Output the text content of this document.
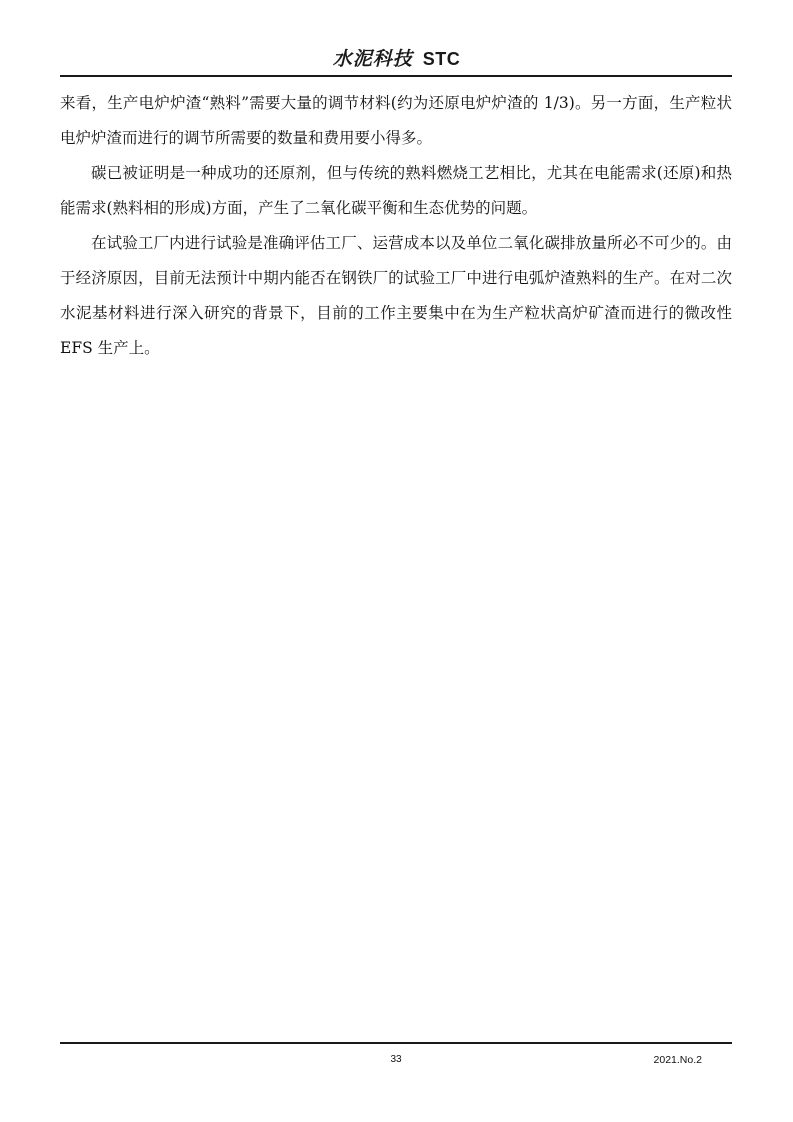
水泥科技 STC

来看，生产电炉炉渣“熟料”需要大量的调节材料(约为还原电炉炉渣的 1/3)。另一方面，生产粒状电炉炉渣而进行的调节所需要的数量和费用要小得多。

碳已被证明是一种成功的还原剂，但与传统的熟料燃烧工艺相比，尤其在电能需求(还原)和热能需求(熟料相的形成)方面，产生了二氧化碳平衡和生态优势的问题。

在试验工厂内进行试验是准确评估工厂、运营成本以及单位二氧化碳排放量所必不可少的。由于经济原因，目前无法预计中期内能否在钢铁厂的试验工厂中进行电弧炉渣熟料的生产。在对二次水泥基材料进行深入研究的背景下，目前的工作主要集中在为生产粒状高炉矿渣而进行的微改性 EFS 生产上。

33	2021.No.2
